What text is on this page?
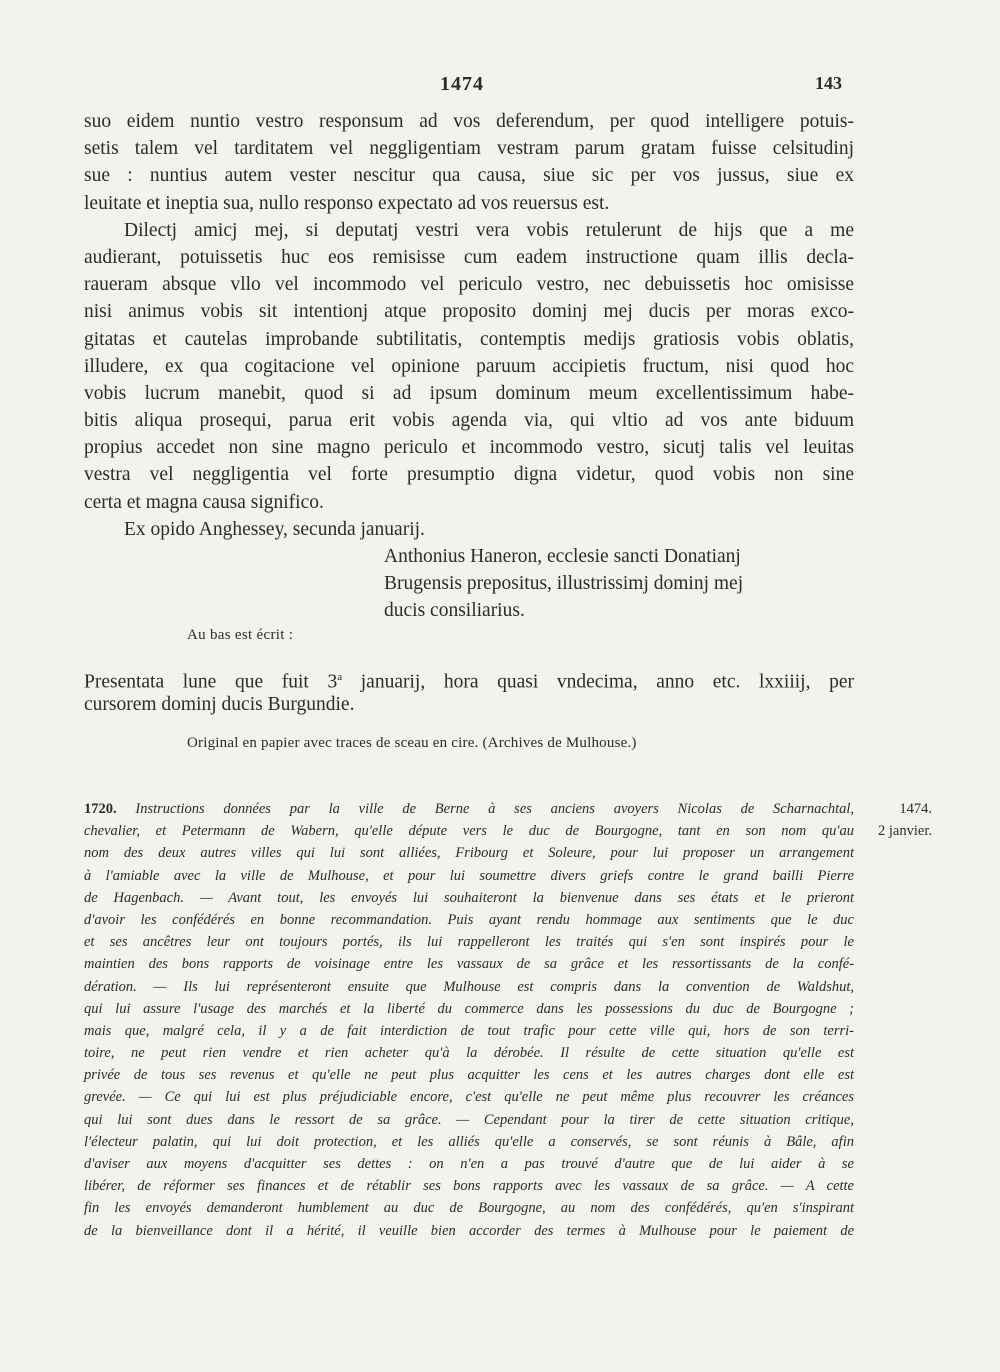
1474	143
suo eidem nuntio vestro responsum ad vos deferendum, per quod intelligere potuis-
setis talem vel tarditatem vel neggligentiam vestram parum gratam fuisse celsitudinj
sue : nuntius autem vester nescitur qua causa, siue sic per vos jussus, siue ex
leuitate et ineptia sua, nullo responso expectato ad vos reuersus est.
Dilectj amicj mej, si deputatj vestri vera vobis retulerunt de hijs que a me
audierant, potuissetis huc eos remisisse cum eadem instructione quam illis decla-
raueram absque vllo vel incommodo vel periculo vestro, nec debuissetis hoc omisisse
nisi animus vobis sit intentionj atque proposito dominj mej ducis per moras exco-
gitatas et cautelas improbande subtilitatis, contemptis medijs gratiosis vobis oblatis,
illudere, ex qua cogitacione vel opinione paruum accipietis fructum, nisi quod hoc
vobis lucrum manebit, quod si ad ipsum dominum meum excellentissimum habe-
bitis aliqua prosequi, parua erit vobis agenda via, qui vltio ad vos ante biduum
propius accedet non sine magno periculo et incommodo vestro, sicutj talis vel leuitas
vestra vel neggligentia vel forte presumptio digna videtur, quod vobis non sine
certa et magna causa significo.
Ex opido Anghessey, secunda januarij.
Anthonius Haneron, ecclesie sancti Donatianj
Brugensis prepositus, illustrissimj dominj mej
ducis consiliarius.
Au bas est écrit :
Presentata lune que fuit 3$^a$ januarij, hora quasi vndecima, anno etc. lxxiiij, per
cursorem dominj ducis Burgundie.
Original en papier avec traces de sceau en cire. (Archives de Mulhouse.)
1720. Instructions données par la ville de Berne à ses anciens avoyers Nicolas de Scharnachtal,
chevalier, et Petermann de Wabern, qu'elle députe vers le duc de Bourgogne, tant en son nom qu'au
nom des deux autres villes qui lui sont alliées, Fribourg et Soleure, pour lui proposer un arrangement
à l'amiable avec la ville de Mulhouse, et pour lui soumettre divers griefs contre le grand bailli Pierre
de Hagenbach. — Avant tout, les envoyés lui souhaiteront la bienvenue dans ses états et le prieront
d'avoir les confédérés en bonne recommandation. Puis ayant rendu hommage aux sentiments que le duc
et ses ancêtres leur ont toujours portés, ils lui rappelleront les traités qui s'en sont inspirés pour le
maintien des bons rapports de voisinage entre les vassaux de sa grâce et les ressortissants de la confé-
dération. — Ils lui représenteront ensuite que Mulhouse est compris dans la convention de Waldshut,
qui lui assure l'usage des marchés et la liberté du commerce dans les possessions du duc de Bourgogne ;
mais que, malgré cela, il y a de fait interdiction de tout trafic pour cette ville qui, hors de son terri-
toire, ne peut rien vendre et rien acheter qu'à la dérobée. Il résulte de cette situation qu'elle est
privée de tous ses revenus et qu'elle ne peut plus acquitter les cens et les autres charges dont elle est
grevée. — Ce qui lui est plus préjudiciable encore, c'est qu'elle ne peut même plus recouvrer les créances
qui lui sont dues dans le ressort de sa grâce. — Cependant pour la tirer de cette situation critique,
l'électeur palatin, qui lui doit protection, et les alliés qu'elle a conservés, se sont réunis à Bâle, afin
d'aviser aux moyens d'acquitter ses dettes : on n'en a pas trouvé d'autre que de lui aider à se
libérer, de réformer ses finances et de rétablir ses bons rapports avec les vassaux de sa grâce. — A cette
fin les envoyés demanderont humblement au duc de Bourgogne, au nom des confédérés, qu'en s'inspirant
de la bienveillance dont il a hérité, il veuille bien accorder des termes à Mulhouse pour le paiement de
1474.
2 janvier.
